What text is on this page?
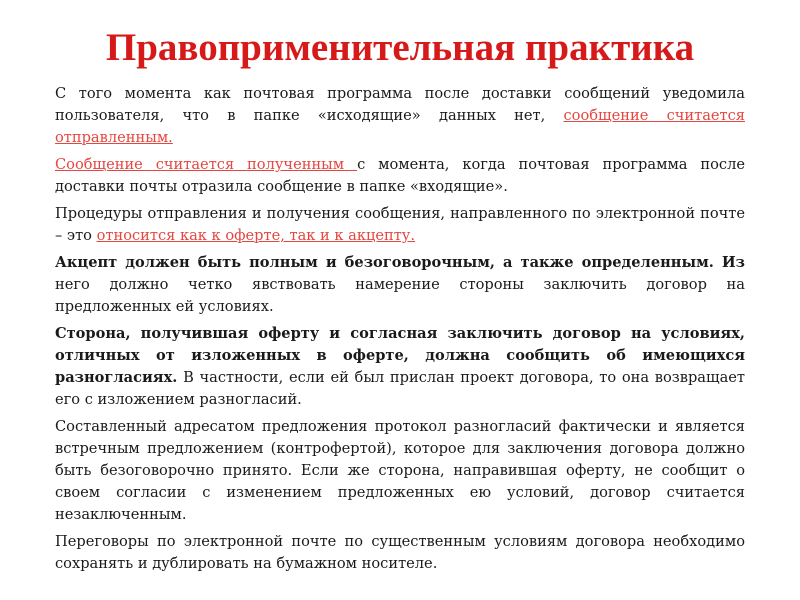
Правоприменительная практика

С того момента как почтовая программа после доставки сообщений уведомила пользователя, что в папке «исходящие» данных нет, сообщение считается отправленным.

Сообщение считается полученным с момента, когда почтовая программа после доставки почты отразила сообщение в папке «входящие».

Процедуры отправления и получения сообщения, направленного по электронной почте – это относится как к оферте, так и к акцепту.

Акцепт должен быть полным и безоговорочным, а также определенным. Из него должно четко явствовать намерение стороны заключить договор на предложенных ей условиях.

Сторона, получившая оферту и согласная заключить договор на условиях, отличных от изложенных в оферте, должна сообщить об имеющихся разногласиях. В частности, если ей был прислан проект договора, то она возвращает его с изложением разногласий.

Составленный адресатом предложения протокол разногласий фактически и является встречным предложением (контрофертой), которое для заключения договора должно быть безоговорочно принято. Если же сторона, направившая оферту, не сообщит о своем согласии с изменением предложенных ею условий, договор считается незаключенным.

Переговоры по электронной почте по существенным условиям договора необходимо сохранять и дублировать на бумажном носителе.
